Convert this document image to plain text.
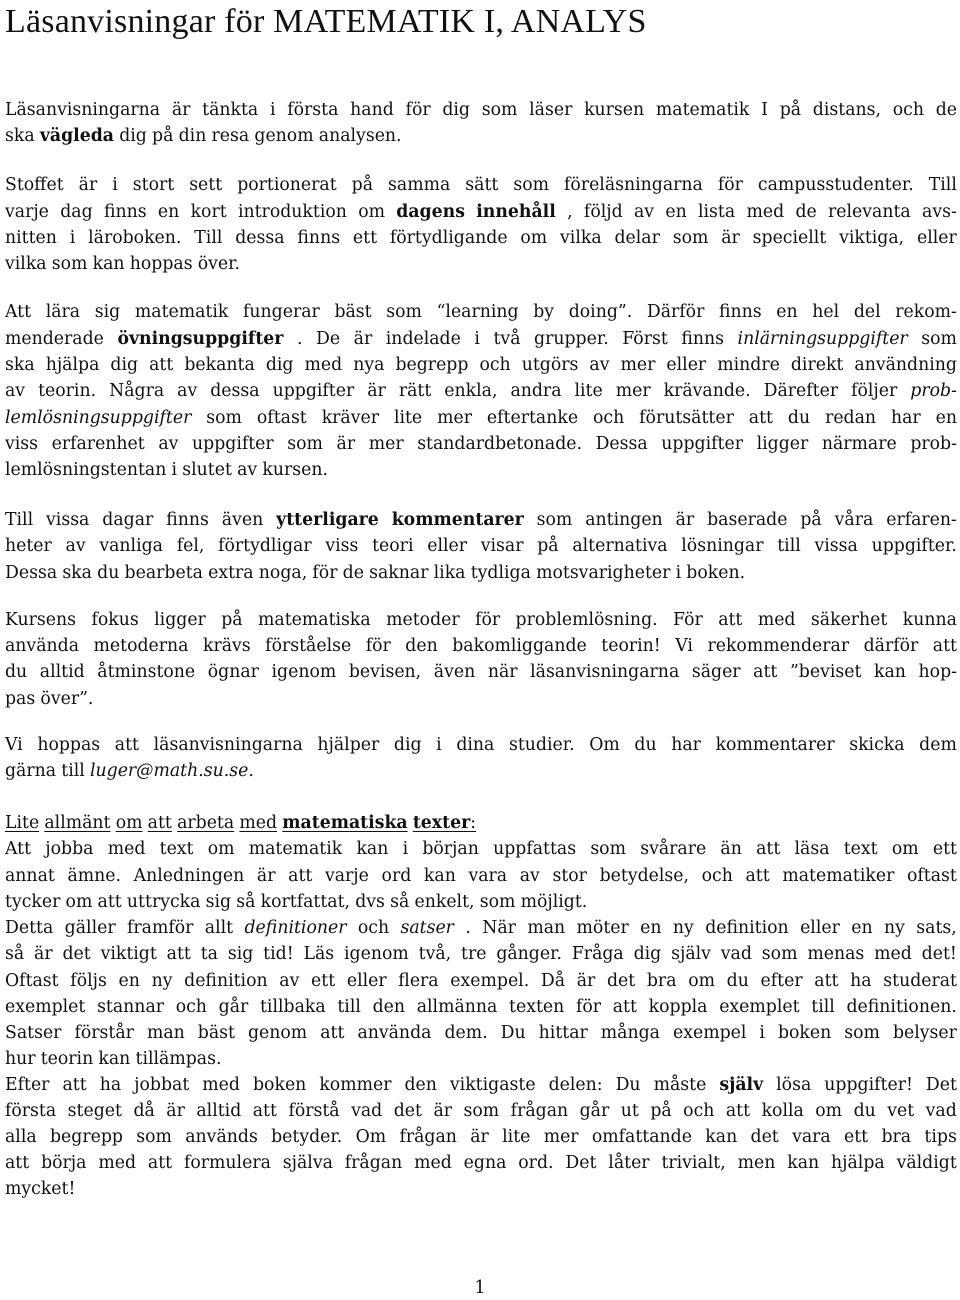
Läsanvisningar för MATEMATIK I, ANALYS
Läsanvisningarna är tänkta i första hand för dig som läser kursen matematik I på distans, och de
ska vägleda dig på din resa genom analysen.
Stoffet är i stort sett portionerat på samma sätt som föreläsningarna för campusstudenter. Till
varje dag finns en kort introduktion om dagens innehåll , följd av en lista med de relevanta avs-
nitten i läroboken. Till dessa finns ett förtydligande om vilka delar som är speciellt viktiga, eller
vilka som kan hoppas över.
Att lära sig matematik fungerar bäst som “learning by doing”. Därför finns en hel del rekom-
menderade övningsuppgifter . De är indelade i två grupper. Först finns inlärningsuppgifter som
ska hjälpa dig att bekanta dig med nya begrepp och utgörs av mer eller mindre direkt användning
av teorin. Några av dessa uppgifter är rätt enkla, andra lite mer krävande. Därefter följer prob-
lemlösningsuppgifter som oftast kräver lite mer eftertanke och förutsätter att du redan har en
viss erfarenhet av uppgifter som är mer standardbetonade. Dessa uppgifter ligger närmare prob-
lemlösningstentan i slutet av kursen.
Till vissa dagar finns även ytterligare kommentarer som antingen är baserade på våra erfaren-
heter av vanliga fel, förtydligar viss teori eller visar på alternativa lösningar till vissa uppgifter.
Dessa ska du bearbeta extra noga, för de saknar lika tydliga motsvarigheter i boken.
Kursens fokus ligger på matematiska metoder för problemlösning. För att med säkerhet kunna
använda metoderna krävs förståelse för den bakomliggande teorin! Vi rekommenderar därför att
du alltid åtminstone ögnar igenom bevisen, även när läsanvisningarna säger att ”beviset kan hop-
pas över”.
Vi hoppas att läsanvisningarna hjälper dig i dina studier. Om du har kommentarer skicka dem
gärna till luger@math.su.se .
Lite allmänt om att arbeta med matematiska texter :
Att jobba med text om matematik kan i början uppfattas som svårare än att läsa text om ett
annat ämne. Anledningen är att varje ord kan vara av stor betydelse, och att matematiker oftast
tycker om att uttrycka sig så kortfattat, dvs så enkelt, som möjligt.
Detta gäller framför allt definitioner och satser . När man möter en ny definition eller en ny sats,
så är det viktigt att ta sig tid! Läs igenom två, tre gånger. Fråga dig själv vad som menas med det!
Oftast följs en ny definition av ett eller flera exempel. Då är det bra om du efter att ha studerat
exemplet stannar och går tillbaka till den allmänna texten för att koppla exemplet till definitionen.
Satser förstår man bäst genom att använda dem. Du hittar många exempel i boken som belyser
hur teorin kan tillämpas.
Efter att ha jobbat med boken kommer den viktigaste delen: Du måste själv lösa uppgifter! Det
första steget då är alltid att förstå vad det är som frågan går ut på och att kolla om du vet vad
alla begrepp som används betyder. Om frågan är lite mer omfattande kan det vara ett bra tips
att börja med att formulera själva frågan med egna ord. Det låter trivialt, men kan hjälpa väldigt
mycket!
1
